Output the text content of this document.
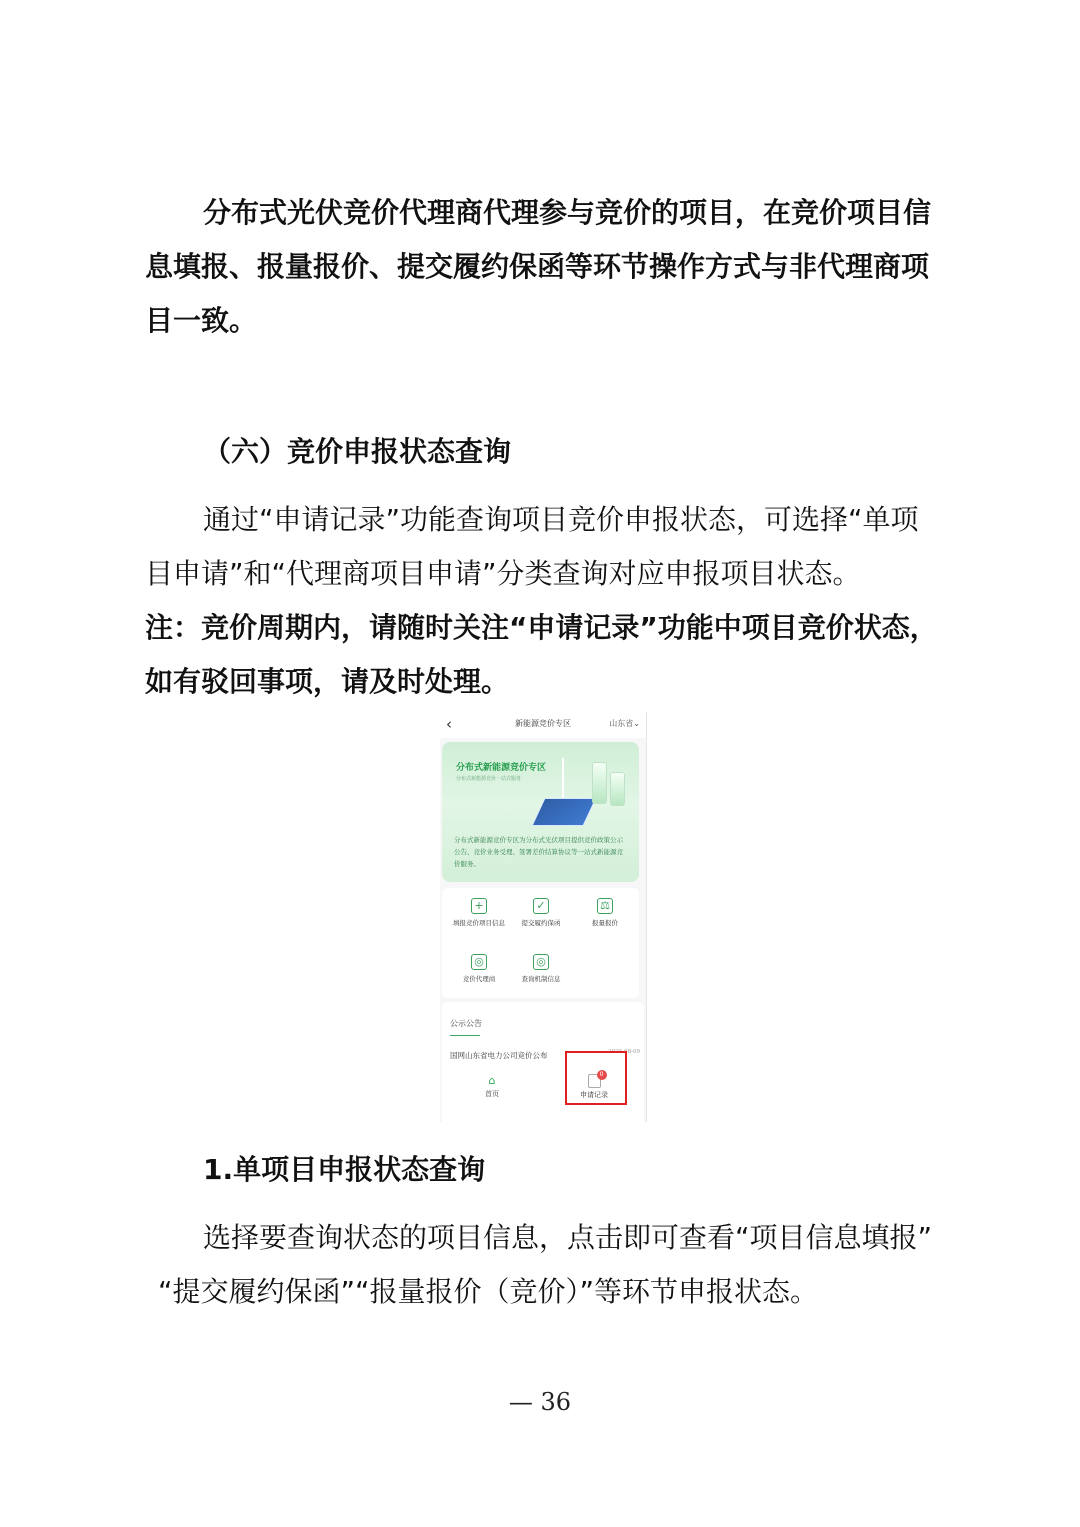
分布式光伏竞价代理商代理参与竞价的项目，在竞价项目信息填报、报量报价、提交履约保函等环节操作方式与非代理商项目一致。

（六）竞价申报状态查询

通过“申请记录”功能查询项目竞价申报状态，可选择“单项目申请”和“代理商项目申请”分类查询对应申报项目状态。

注：竞价周期内，请随时关注“申请记录”功能中项目竞价状态，如有驳回事项，请及时处理。

‹	新能源竞价专区	山东省⌄
分布式新能源竞价专区
分布式新能源竞价一站式服务
分布式新能源竞价专区为分布式光伏项目提供竞价政策公示公告、竞价业务受理、签署差价结算协议等一站式新能源竞价服务。
+
填报竞价项目信息
✓
提交履约保函
⚖
报量报价
◎
竞价代理商
◎
查询机制信息
公示公告
国网山东省电力公司竞价公布	2025-08-09
⌂
首页
0
申请记录

1.单项目申报状态查询

选择要查询状态的项目信息，点击即可查看“项目信息填报”

“提交履约保函”“报量报价（竞价）”等环节申报状态。

— 36
